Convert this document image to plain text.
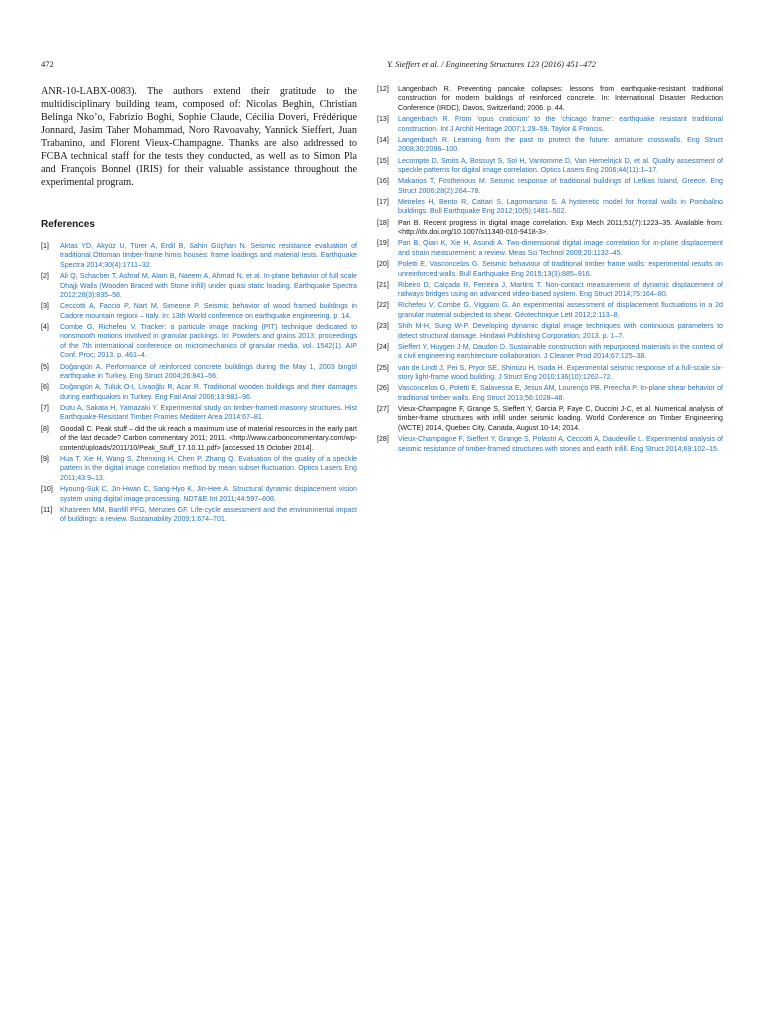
472	Y. Sieffert et al. / Engineering Structures 123 (2016) 451–472

ANR-10-LABX-0083). The authors extend their gratitude to the multidisciplinary building team, composed of: Nicolas Beghin, Christian Belinga Nko’o, Fabrizio Boghi, Sophie Claude, Cécilia Doveri, Frédérique Jonnard, Jasim Taher Mohammad, Noro Ravoavahy, Yannick Sieffert, Juan Trabanino, and Florent Vieux-Champagne. Thanks are also addressed to FCBA technical staff for the tests they conducted, as well as to Simon Pla and François Bonnel (IRIS) for their valuable assistance throughout the experimental program.

References
[1] Aktas YD, Akyüz U, Türer A, Erdil B, Sahin Güçhan N. Seismic resistance evaluation of traditional Ottoman timber-frame himis houses: frame loadings and material tests. Earthquake Spectra 2014;30(4):1711–32.
[2] Ali Q, Schacher T, Ashraf M, Alam B, Naeem A, Ahmad N, et al. In-plane behavior of full scale Dhajji Walls (Wooden Braced with Stone Infill) under quasi static loading. Earthquake Spectra 2012;28(3):835–58.
[3] Ceccotti A, Faccio P, Nart M, Simeone P. Seismic behavior of wood framed buildings in Cadore mountain regioni – Italy. In: 13th World conference on earthquake engineering. p. 14.
[4] Combe G, Richefeu V. Tracker: a particule image tracking (PIT) technique dedicated to nonsmooth motions involved in granular packings. In: Powders and grains 2013: proceedings of the 7th international conference on micromechanics of granular media. vol. 1542(1). AIP Conf. Proc; 2013. p. 461–4.
[5] Doğangün A. Performance of reinforced concrete buildings during the May 1, 2003 bingöl earthquake in Turkey. Eng Struct 2004;26:841–56.
[6] Doğangün A, Tuluk O-I, Livaoğlu R, Acar R. Traditional wooden buildings and their damages during earthquakes in Turkey. Eng Fail Anal 2006;13:981–96.
[7] Dutu A, Sakata H, Yamazaki Y. Experimental study on timber-framed masonry structures. Hist Earthquake-Resistant Timber Frames Mediterr Area 2014:67–81.
[8] Goodall C. Peak stuff – did the uk reach a maximum use of material resources in the early part of the last decade? Carbon commentary 2011; 2011. <http://www.carboncommentary.com/wp-content/uploads/2011/10/Peak_Stuff_17.10.11.pdf> [accessed 15 October 2014].
[9] Hua T, Xie H, Wang S, Zhenxing H, Chen P, Zhang Q. Evaluation of the quality of a speckle pattern in the digital image correlation method by mean subset fluctuation. Optics Lasers Eng 2011;43:9–13.
[10] Hyoung-Suk C, Jin-Hwan C, Sang-Hyo K, Jin-Hee A. Structural dynamic displacement vision system using digital image processing. NDT&E Int 2011;44:597–608.
[11] Khasreen MM, Banfill PFG, Menzies GF. Life-cycle assessment and the environmental impact of buildings: a review. Sustainability 2009;1:674–701.
[12] Langenbach R. Preventing pancake collapses: lessons from earthquake-resistant traditional construction for modern buildings of reinforced concrete. In: International Disaster Reduction Conference (IRDC), Davos, Switzerland; 2006. p. 44.
[13] Langenbach R. From ‘opus craticium’ to the ‘chicago frame’: earthquake resistant traditional construction. Int J Archit Heritage 2007;1:29–59. Taylor & Francis.
[14] Langenbach R. Learning from the past to protect the future: armature crosswalls. Eng Struct 2008;30:2096–100.
[15] Lecompte D, Smits A, Bossuyt S, Sol H, Vantomme D, Van Hemelrijck D, et al. Quality assessment of speckle patterns for digital image correlation. Optics Lasers Eng 2006;44(11):1–17.
[16] Makarios T, Fosthenous M. Seismic response of traditional buildings of Lefkas Island, Greece. Eng Struct 2006;28(2):264–78.
[17] Meireles H, Bento R, Cattari S, Lagomarsino S. A hysteretic model for frontal walls in Pombalino buildings. Bull Earthquake Eng 2012;10(5):1481–502.
[18] Pan B. Recent progress in digital image correlation. Exp Mech 2011;51(7):1223–35. Available from: <http://dx.doi.org/10.1007/s11340-010-9418-3>.
[19] Pan B, Qian K, Xie H, Asundi A. Two-dimensional digital image correlation for in-plane displacement and strain measurement: a review. Meas Sci Technol 2009;20:1132–45.
[20] Poletti E, Vasconcelos G. Seismic behaviour of traditional timber frame walls: experimental results on unreinforced walls. Bull Earthquake Eng 2015;13(3):885–916.
[21] Ribeiro D, Calçada R, Ferreira J, Martins T. Non-contact measurement of dynamic displacement of railways bridges using an advanced video-based system. Eng Struct 2014;75:164–80.
[22] Richefeu V, Combe G, Viggiani G. An experimental assessment of displacement fluctuations in a 2d granular material subjected to shear. Géotechnique Lett 2012;2:113–8.
[23] Shih M-H, Sung W-P. Developing dynamic digital image techniques with continuous parameters to detect structural damage. Hindawi Publishing Corporation; 2013. p. 1–7.
[24] Sieffert Y, Huygen J-M, Daudon D. Sustainable construction with repurposed materials in the context of a civil engineering earchitecture collaboration. J Cleaner Prod 2014;67:125–38.
[25] van de Lindt J, Pei S, Pryor SE, Shimizu H, Isoda H. Experimental seismic response of a full-scale six-story light-frame wood building. J Struct Eng 2010;136(10):1262–72.
[26] Vasconcelos G, Poletti E, Salavessa E, Jesus AM, Lourenço PB, Preecha P. In-plane shear behavior of traditional timber walls. Eng Struct 2013;56:1028–48.
[27] Vieux-Champagne F, Grange S, Sieffert Y, Garcia P, Faye C, Duccini J-C, et al. Numerical analysis of timber-frame structures with infill under seismic loading. World Conference on Timber Engineering (WCTE) 2014, Quebec City, Canada, August 10-14; 2014.
[28] Vieux-Champagne F, Sieffert Y, Grange S, Polastri A, Ceccotti A, Daudeville L. Experimental analysis of seismic resistance of timber-framed structures with stones and earth infill. Eng Struct 2014;69:102–15.
